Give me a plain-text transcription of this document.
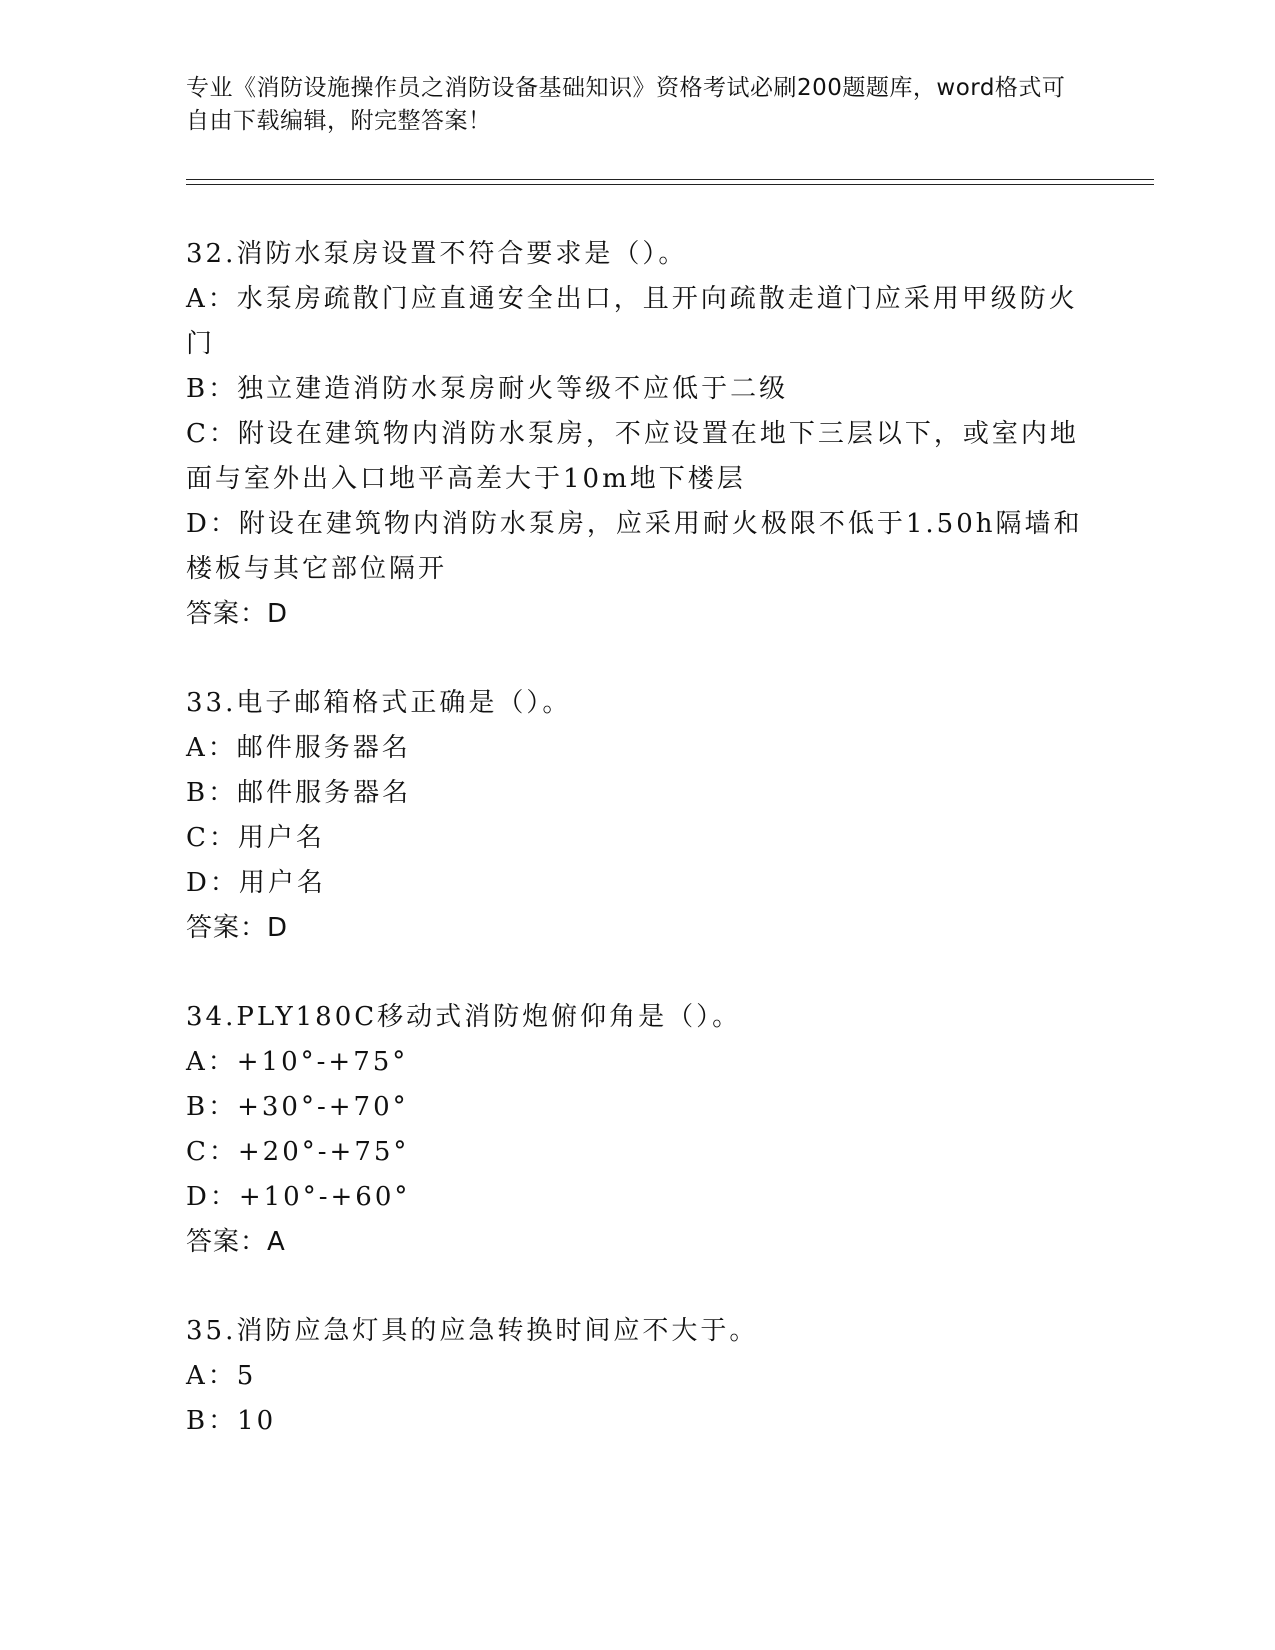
专业《消防设施操作员之消防设备基础知识》资格考试必刷200题题库，word格式可自由下载编辑，附完整答案！
32.消防水泵房设置不符合要求是（）。
A：水泵房疏散门应直通安全出口，且开向疏散走道门应采用甲级防火门
B：独立建造消防水泵房耐火等级不应低于二级
C：附设在建筑物内消防水泵房，不应设置在地下三层以下，或室内地面与室外出入口地平高差大于10m地下楼层
D：附设在建筑物内消防水泵房，应采用耐火极限不低于1.50h隔墙和楼板与其它部位隔开
答案：D
33.电子邮箱格式正确是（）。
A：邮件服务器名
B：邮件服务器名
C：用户名
D：用户名
答案：D
34.PLY180C移动式消防炮俯仰角是（）。
A：+10°-+75°
B：+30°-+70°
C：+20°-+75°
D：+10°-+60°
答案：A
35.消防应急灯具的应急转换时间应不大于。
A：5
B：10
